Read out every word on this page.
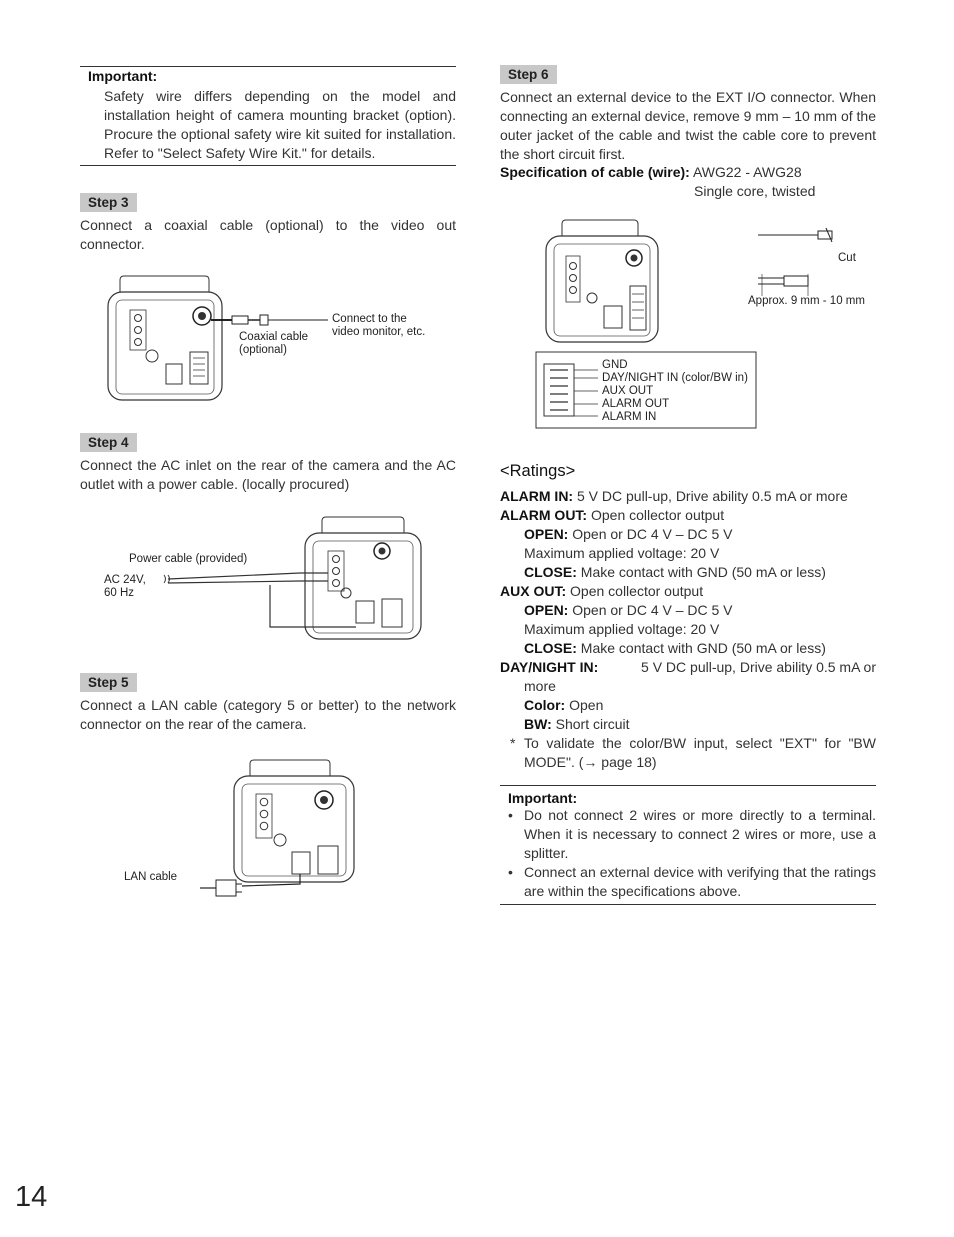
Important:
Safety wire differs depending on the model and installation height of camera mounting bracket (option). Procure the optional safety wire kit suited for installation. Refer to "Select Safety Wire Kit." for details.
Step 3
Connect a coaxial cable (optional) to the video out connector.
Coaxial cable
(optional)
Connect to the
video monitor, etc.
Step 4
Connect the AC inlet on the rear of the camera and the AC outlet with a power cable. (locally procured)
Power cable (provided)
AC 24V,
60 Hz
Step 5
Connect a LAN cable (category 5 or better) to the network connector on the rear of the camera.
LAN cable
Step 6
Connect an external device to the EXT I/O connector. When connecting an external device, remove 9 mm – 10 mm of the outer jacket of the cable and twist the cable core to prevent the short circuit first.
Specification of cable (wire): AWG22 - AWG28
Single core, twisted
Cut
Approx. 9 mm - 10 mm
GND
DAY/NIGHT IN (color/BW in)
AUX OUT
ALARM OUT
ALARM IN
<Ratings>
ALARM IN: 5 V DC pull-up, Drive ability 0.5 mA or more
ALARM OUT: Open collector output
OPEN: Open or DC 4 V – DC 5 V
Maximum applied voltage: 20 V
CLOSE: Make contact with GND (50 mA or less)
AUX OUT: Open collector output
OPEN: Open or DC 4 V – DC 5 V
Maximum applied voltage: 20 V
CLOSE: Make contact with GND (50 mA or less)
DAY/NIGHT IN:	5 V DC pull-up, Drive ability 0.5 mA or
more
Color: Open
BW: Short circuit
* To validate the color/BW input, select "EXT" for "BW MODE". (→ page 18)
Important:
• Do not connect 2 wires or more directly to a terminal. When it is necessary to connect 2 wires or more, use a splitter.
• Connect an external device with verifying that the ratings are within the specifications above.
14
